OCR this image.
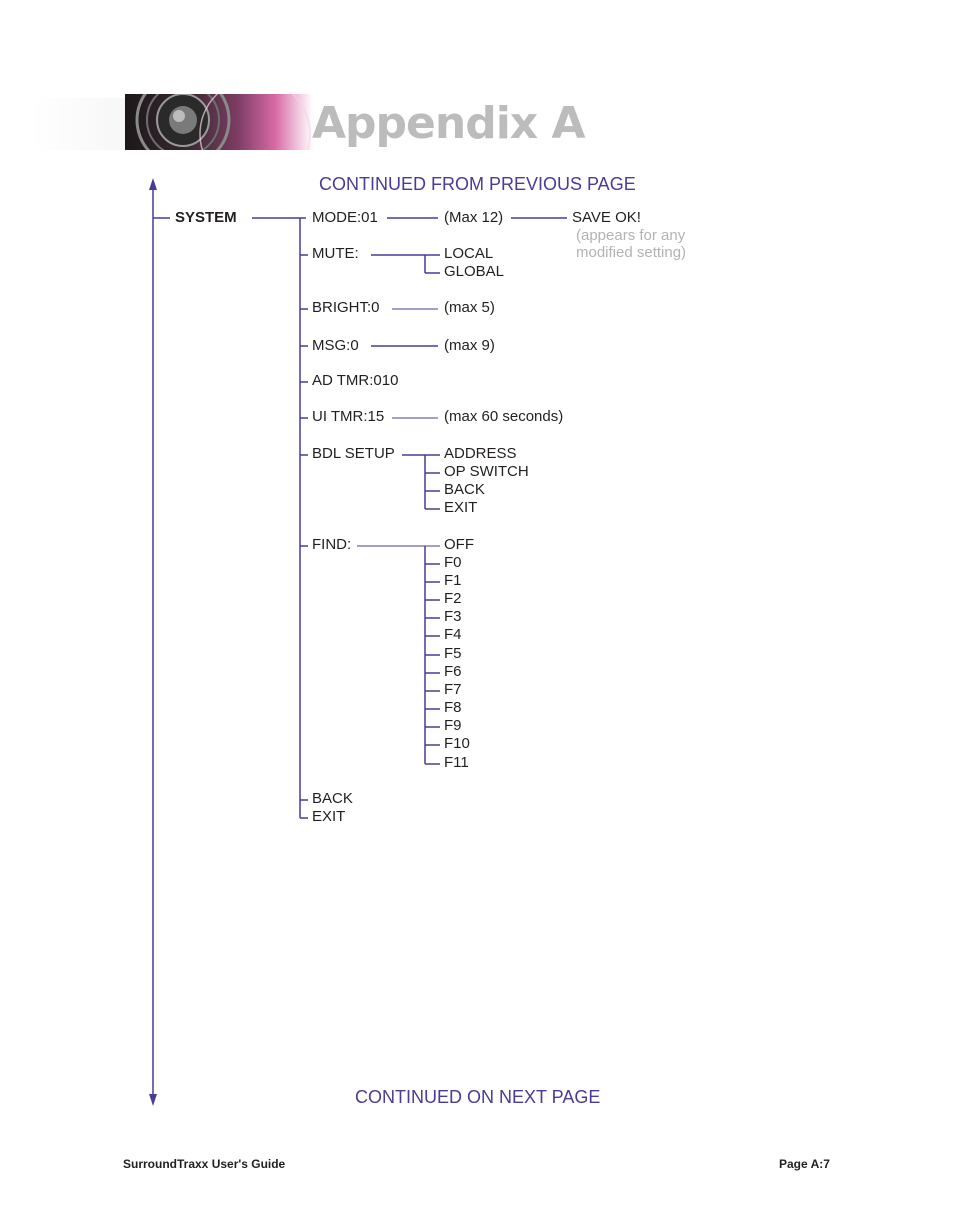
Appendix A
CONTINUED FROM PREVIOUS PAGE
SYSTEM	MODE:01	(Max 12)	SAVE OK!
(appears for any
modified setting)
MUTE:	LOCAL
GLOBAL
BRIGHT:0	(max 5)
MSG:0	(max 9)
AD TMR:010
UI TMR:15	(max 60 seconds)
BDL SETUP	ADDRESS
OP SWITCH
BACK
EXIT
FIND:	OFF
F0
F1
F2
F3
F4
F5
F6
F7
F8
F9
F10
F11
BACK
EXIT
CONTINUED ON NEXT PAGE
SurroundTraxx User's Guide	Page A:7
